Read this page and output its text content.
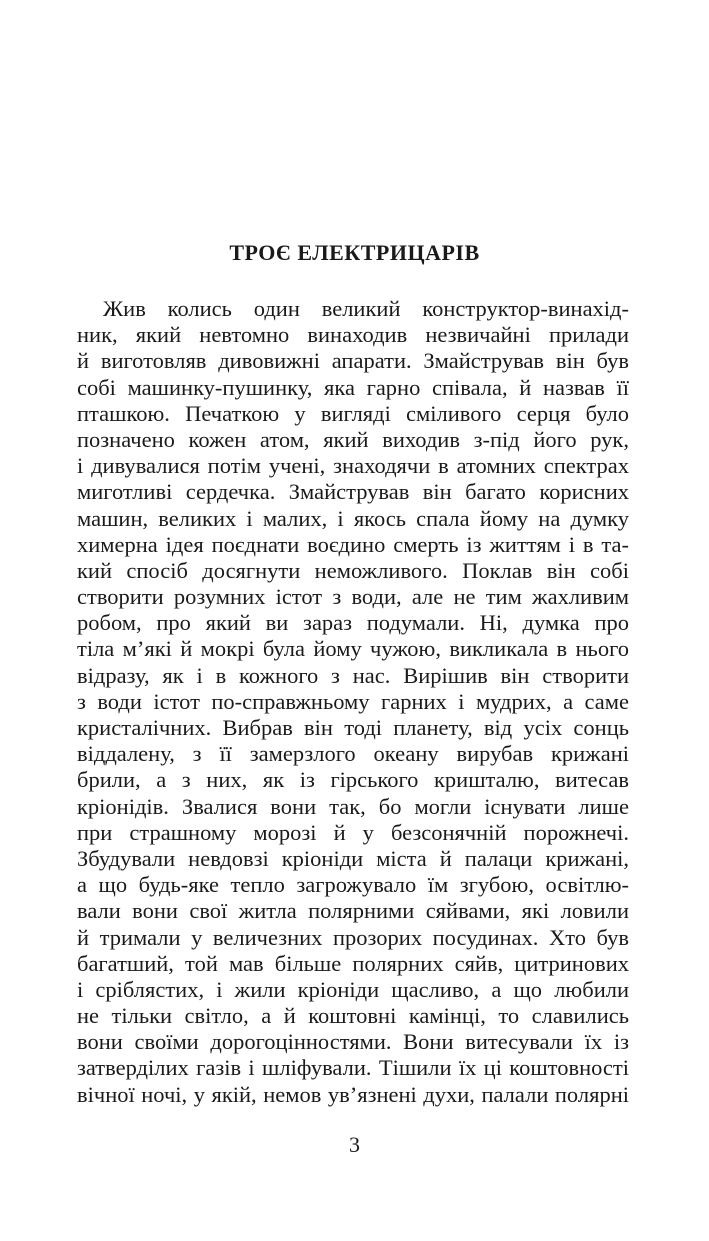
ТРОЄ ЕЛЕКТРИЦАРІВ
Жив колись один великий конструктор-винахід-
ник, який невтомно винаходив незвичайні прилади
й виготовляв дивовижні апарати. Змайстрував він був
собі машинку-пушинку, яка гарно співала, й назвав її
пташкою. Печаткою у вигляді сміливого серця було
позначено кожен атом, який виходив з-під його рук,
і дивувалися потім учені, знаходячи в атомних спектрах
миготливі сердечка. Змайстрував він багато корисних
машин, великих і малих, і якось спала йому на думку
химерна ідея поєднати воєдино смерть із життям і в та-
кий спосіб досягнути неможливого. Поклав він собі
створити розумних істот з води, але не тим жахливим
робом, про який ви зараз подумали. Ні, думка про
тіла м’які й мокрі була йому чужою, викликала в нього
відразу, як і в кожного з нас. Вирішив він створити
з води істот по-справжньому гарних і мудрих, а саме
кристалічних. Вибрав він тоді планету, від усіх сонць
віддалену, з її замерзлого океану вирубав крижані
брили, а з них, як із гірського кришталю, витесав
кріонідів. Звалися вони так, бо могли існувати лише
при страшному морозі й у безсонячній порожнечі.
Збудували невдовзі кріоніди міста й палаци крижані,
а що будь-яке тепло загрожувало їм згубою, освітлю-
вали вони свої житла полярними сяйвами, які ловили
й тримали у величезних прозорих посудинах. Хто був
багатший, той мав більше полярних сяйв, цитринових
і сріблястих, і жили кріоніди щасливо, а що любили
не тільки світло, а й коштовні камінці, то славились
вони своїми дорогоцінностями. Вони витесували їх із
затверділих газів і шліфували. Тішили їх ці коштовності
вічної ночі, у якій, немов ув’язнені духи, палали полярні
3
